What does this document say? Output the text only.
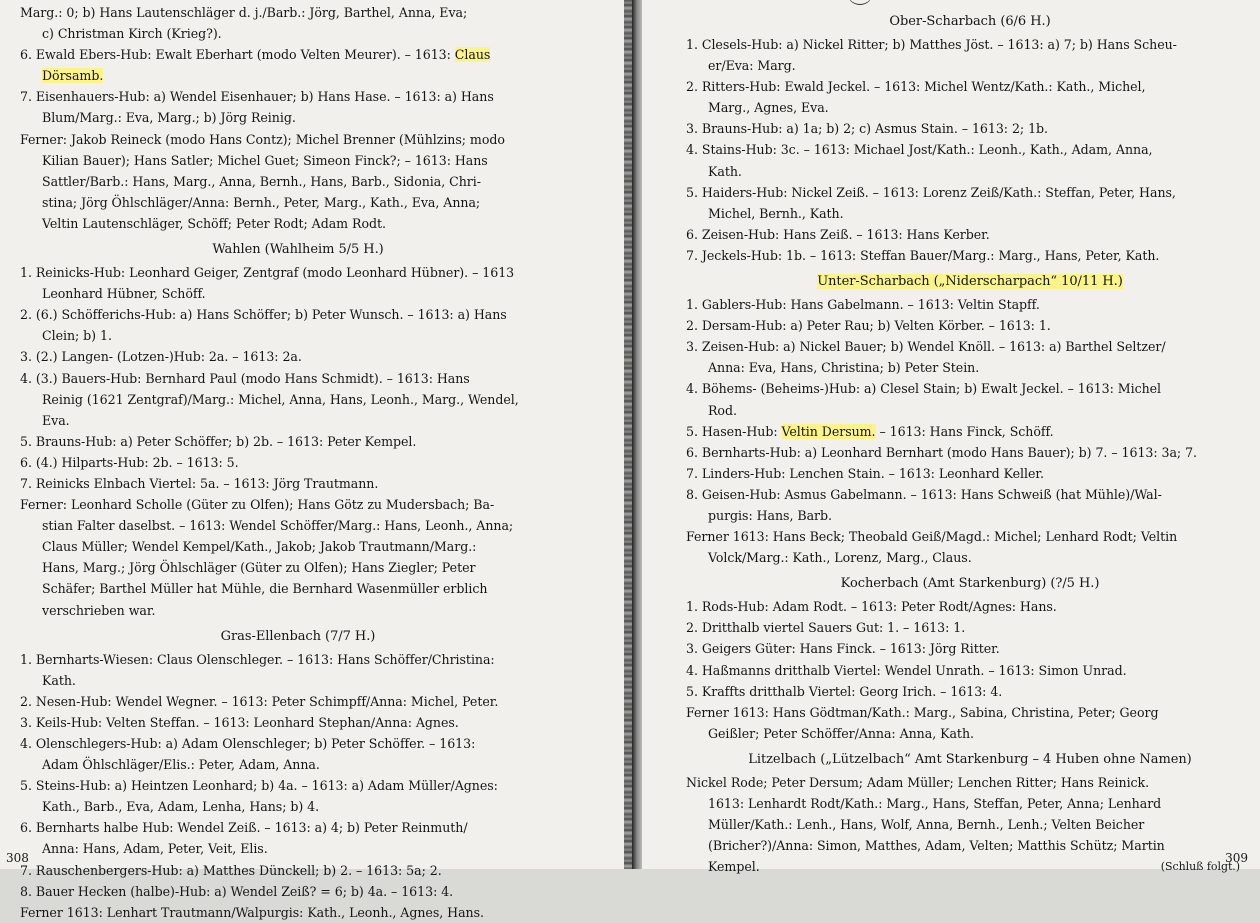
Marg.: 0; b) Hans Lautenschläger d. j./Barb.: Jörg, Barthel, Anna, Eva;

c) Christman Kirch (Krieg?).

6. Ewald Ebers-Hub: Ewalt Eberhart (modo Velten Meurer). – 1613: Claus

Dörsamb.

7. Eisenhauers-Hub: a) Wendel Eisenhauer; b) Hans Hase. – 1613: a) Hans

Blum/Marg.: Eva, Marg.; b) Jörg Reinig.

Ferner: Jakob Reineck (modo Hans Contz); Michel Brenner (Mühlzins; modo

Kilian Bauer); Hans Satler; Michel Guet; Simeon Finck?; – 1613: Hans

Sattler/Barb.: Hans, Marg., Anna, Bernh., Hans, Barb., Sidonia, Chri-

stina; Jörg Öhlschläger/Anna: Bernh., Peter, Marg., Kath., Eva, Anna;

Veltin Lautenschläger, Schöff; Peter Rodt; Adam Rodt.

Wahlen (Wahlheim 5/5 H.)

1. Reinicks-Hub: Leonhard Geiger, Zentgraf (modo Leonhard Hübner). – 1613

Leonhard Hübner, Schöff.

2. (6.) Schöfferichs-Hub: a) Hans Schöffer; b) Peter Wunsch. – 1613: a) Hans

Clein; b) 1.

3. (2.) Langen- (Lotzen-)Hub: 2a. – 1613: 2a.

4. (3.) Bauers-Hub: Bernhard Paul (modo Hans Schmidt). – 1613: Hans

Reinig (1621 Zentgraf)/Marg.: Michel, Anna, Hans, Leonh., Marg., Wendel,

Eva.

5. Brauns-Hub: a) Peter Schöffer; b) 2b. – 1613: Peter Kempel.

6. (4.) Hilparts-Hub: 2b. – 1613: 5.

7. Reinicks Elnbach Viertel: 5a. – 1613: Jörg Trautmann.

Ferner: Leonhard Scholle (Güter zu Olfen); Hans Götz zu Mudersbach; Ba-

stian Falter daselbst. – 1613: Wendel Schöffer/Marg.: Hans, Leonh., Anna;

Claus Müller; Wendel Kempel/Kath., Jakob; Jakob Trautmann/Marg.:

Hans, Marg.; Jörg Öhlschläger (Güter zu Olfen); Hans Ziegler; Peter

Schäfer; Barthel Müller hat Mühle, die Bernhard Wasenmüller erblich

verschrieben war.

Gras-Ellenbach (7/7 H.)

1. Bernharts-Wiesen: Claus Olenschleger. – 1613: Hans Schöffer/Christina:

Kath.

2. Nesen-Hub: Wendel Wegner. – 1613: Peter Schimpff/Anna: Michel, Peter.

3. Keils-Hub: Velten Steffan. – 1613: Leonhard Stephan/Anna: Agnes.

4. Olenschlegers-Hub: a) Adam Olenschleger; b) Peter Schöffer. – 1613:

Adam Öhlschläger/Elis.: Peter, Adam, Anna.

5. Steins-Hub: a) Heintzen Leonhard; b) 4a. – 1613: a) Adam Müller/Agnes:

Kath., Barb., Eva, Adam, Lenha, Hans; b) 4.

6. Bernharts halbe Hub: Wendel Zeiß. – 1613: a) 4; b) Peter Reinmuth/

Anna: Hans, Adam, Peter, Veit, Elis.

7. Rauschenbergers-Hub: a) Matthes Dünckell; b) 2. – 1613: 5a; 2.

8. Bauer Hecken (halbe)-Hub: a) Wendel Zeiß? = 6; b) 4a. – 1613: 4.

Ferner 1613: Lenhart Trautmann/Walpurgis: Kath., Leonh., Agnes, Hans.

308

Ober-Scharbach (6/6 H.)

1. Clesels-Hub: a) Nickel Ritter; b) Matthes Jöst. – 1613: a) 7; b) Hans Scheu-

er/Eva: Marg.

2. Ritters-Hub: Ewald Jeckel. – 1613: Michel Wentz/Kath.: Kath., Michel,

Marg., Agnes, Eva.

3. Brauns-Hub: a) 1a; b) 2; c) Asmus Stain. – 1613: 2; 1b.

4. Stains-Hub: 3c. – 1613: Michael Jost/Kath.: Leonh., Kath., Adam, Anna,

Kath.

5. Haiders-Hub: Nickel Zeiß. – 1613: Lorenz Zeiß/Kath.: Steffan, Peter, Hans,

Michel, Bernh., Kath.

6. Zeisen-Hub: Hans Zeiß. – 1613: Hans Kerber.

7. Jeckels-Hub: 1b. – 1613: Steffan Bauer/Marg.: Marg., Hans, Peter, Kath.

Unter-Scharbach („Niderscharpach“ 10/11 H.)

1. Gablers-Hub: Hans Gabelmann. – 1613: Veltin Stapff.

2. Dersam-Hub: a) Peter Rau; b) Velten Körber. – 1613: 1.

3. Zeisen-Hub: a) Nickel Bauer; b) Wendel Knöll. – 1613: a) Barthel Seltzer/

Anna: Eva, Hans, Christina; b) Peter Stein.

4. Böhems- (Beheims-)Hub: a) Clesel Stain; b) Ewalt Jeckel. – 1613: Michel

Rod.

5. Hasen-Hub: Veltin Dersum. – 1613: Hans Finck, Schöff.

6. Bernharts-Hub: a) Leonhard Bernhart (modo Hans Bauer); b) 7. – 1613: 3a; 7.

7. Linders-Hub: Lenchen Stain. – 1613: Leonhard Keller.

8. Geisen-Hub: Asmus Gabelmann. – 1613: Hans Schweiß (hat Mühle)/Wal-

purgis: Hans, Barb.

Ferner 1613: Hans Beck; Theobald Geiß/Magd.: Michel; Lenhard Rodt; Veltin

Volck/Marg.: Kath., Lorenz, Marg., Claus.

Kocherbach (Amt Starkenburg) (?/5 H.)

1. Rods-Hub: Adam Rodt. – 1613: Peter Rodt/Agnes: Hans.

2. Dritthalb viertel Sauers Gut: 1. – 1613: 1.

3. Geigers Güter: Hans Finck. – 1613: Jörg Ritter.

4. Haßmanns dritthalb Viertel: Wendel Unrath. – 1613: Simon Unrad.

5. Kraffts dritthalb Viertel: Georg Irich. – 1613: 4.

Ferner 1613: Hans Gödtman/Kath.: Marg., Sabina, Christina, Peter; Georg

Geißler; Peter Schöffer/Anna: Anna, Kath.

Litzelbach („Lützelbach“ Amt Starkenburg – 4 Huben ohne Namen)

Nickel Rode; Peter Dersum; Adam Müller; Lenchen Ritter; Hans Reinick.

1613: Lenhardt Rodt/Kath.: Marg., Hans, Steffan, Peter, Anna; Lenhard

Müller/Kath.: Lenh., Hans, Wolf, Anna, Bernh., Lenh.; Velten Beicher

(Bricher?)/Anna: Simon, Matthes, Adam, Velten; Matthis Schütz; Martin

Kempel.	(Schluß folgt.)

309
